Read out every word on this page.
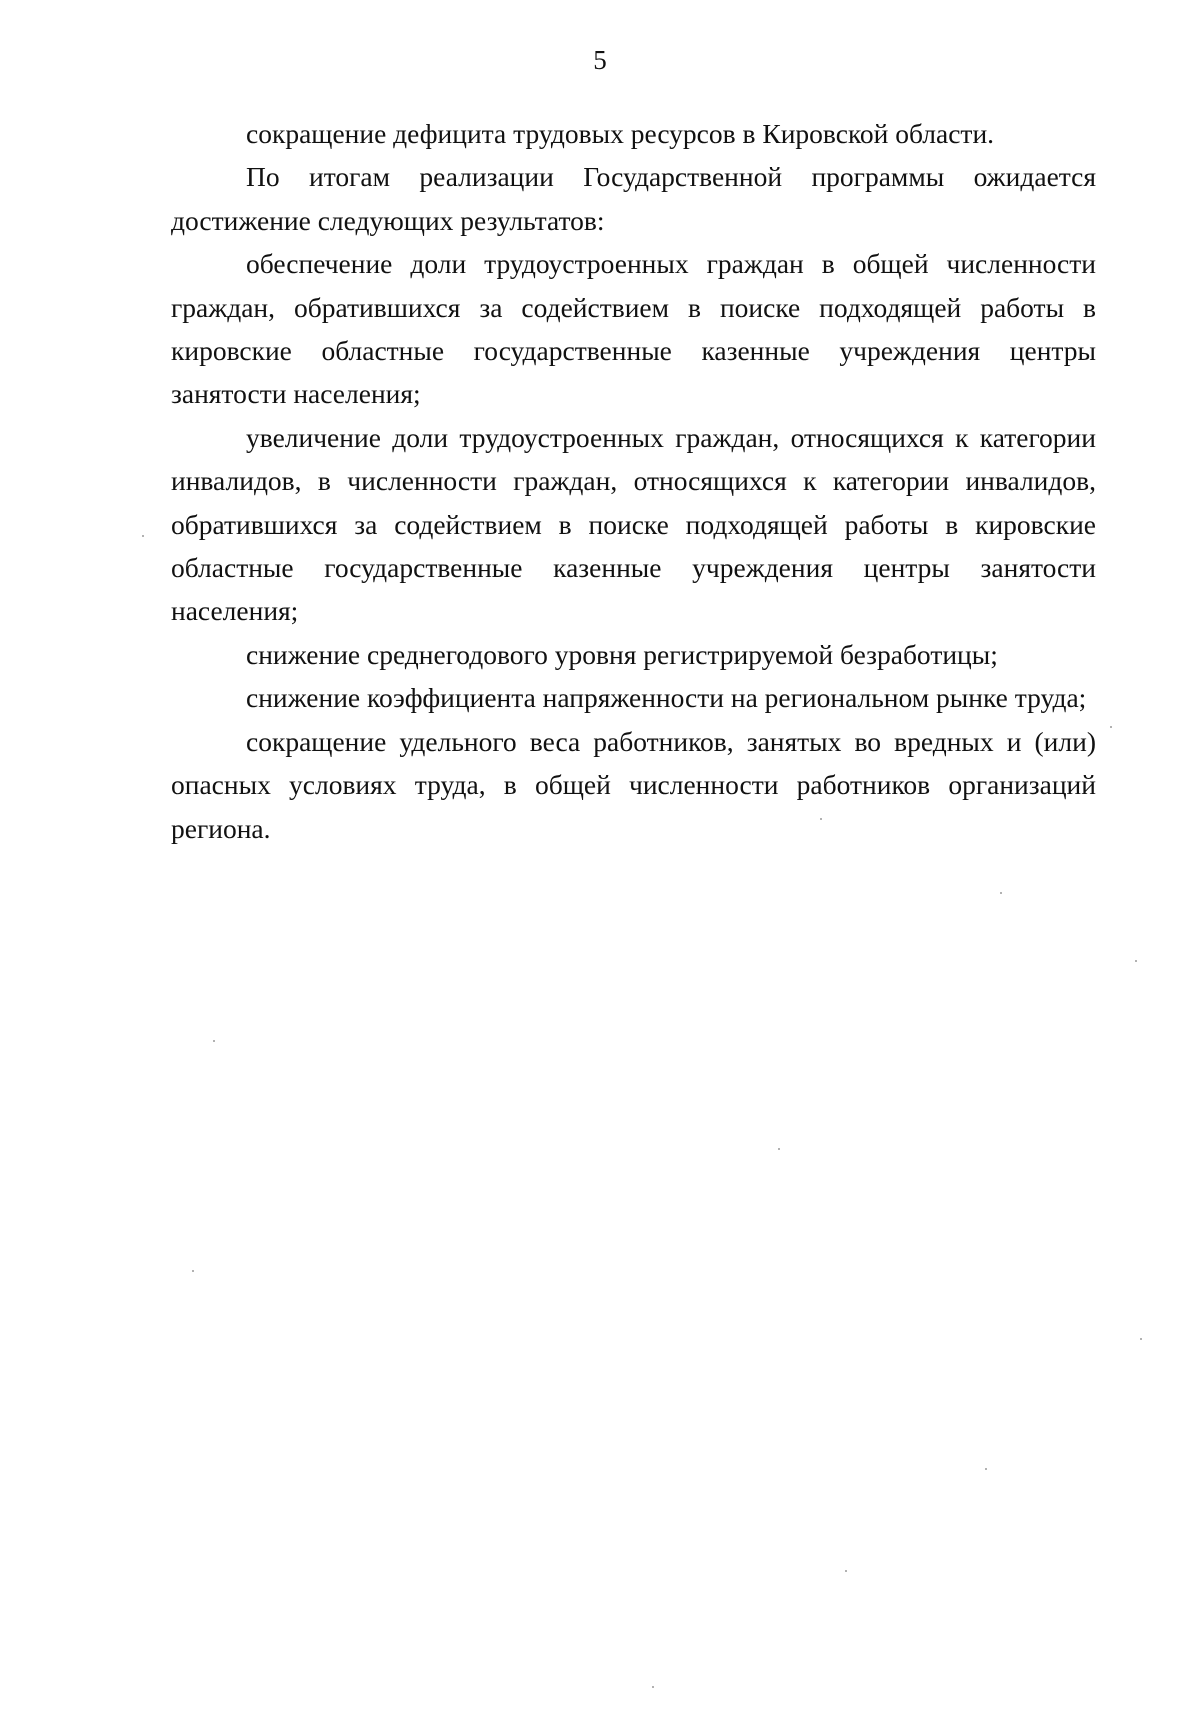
5

сокращение дефицита трудовых ресурсов в Кировской области.

По итогам реализации Государственной программы ожидается достижение следующих результатов:

обеспечение доли трудоустроенных граждан в общей численности граждан, обратившихся за содействием в поиске подходящей работы в кировские областные государственные казенные учреждения центры занятости населения;

увеличение доли трудоустроенных граждан, относящихся к категории инвалидов, в численности граждан, относящихся к категории инвалидов, обратившихся за содействием в поиске подходящей работы в кировские областные государственные казенные учреждения центры занятости населения;

снижение среднегодового уровня регистрируемой безработицы;

снижение коэффициента напряженности на региональном рынке труда;

сокращение удельного веса работников, занятых во вредных и (или) опасных условиях труда, в общей численности работников организаций региона.
